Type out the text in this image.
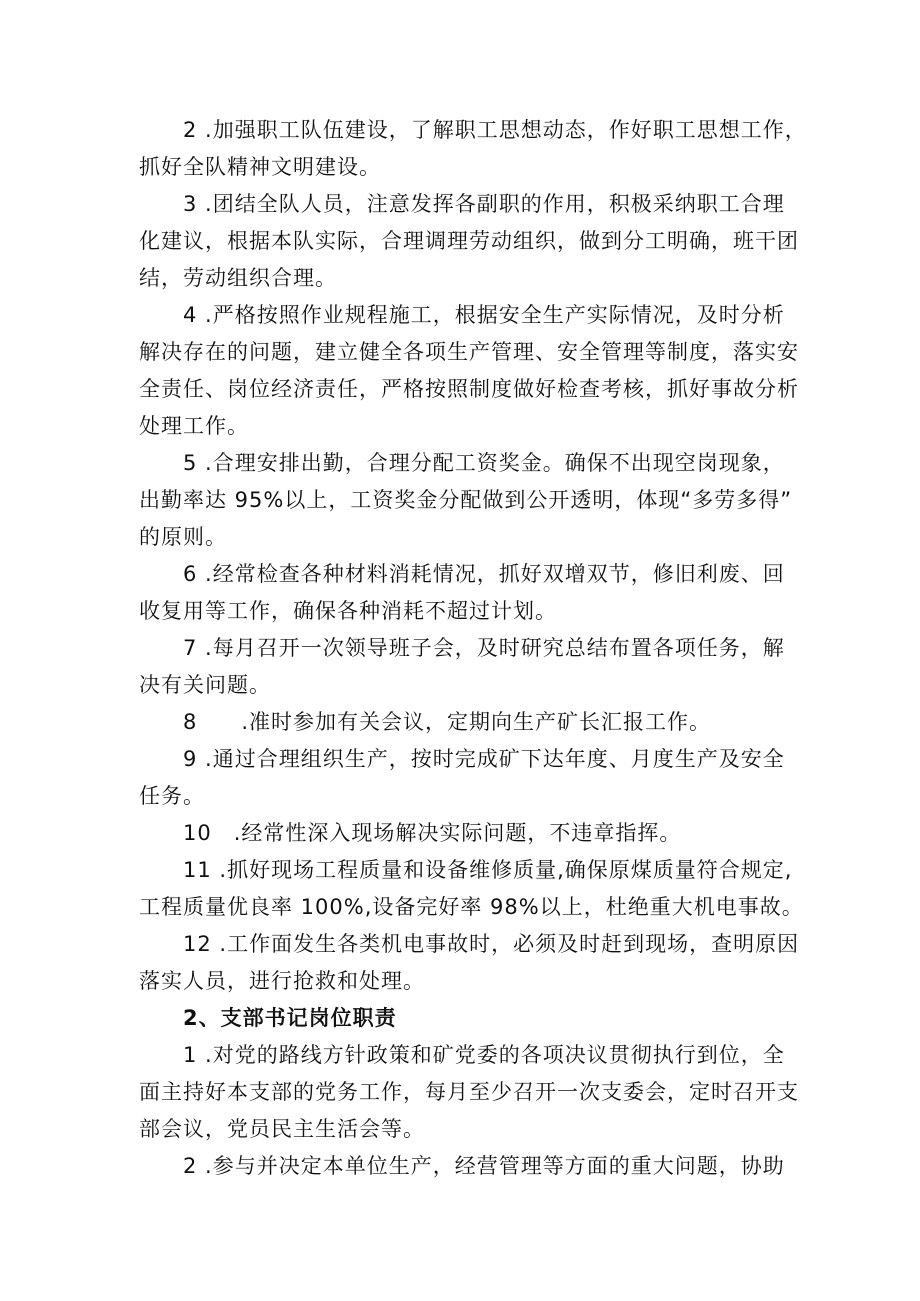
2 .加强职工队伍建设，了解职工思想动态，作好职工思想工作，
抓好全队精神文明建设。
3 .团结全队人员，注意发挥各副职的作用，积极采纳职工合理
化建议，根据本队实际，合理调理劳动组织，做到分工明确，班干团
结，劳动组织合理。
4 .严格按照作业规程施工，根据安全生产实际情况，及时分析
解决存在的问题，建立健全各项生产管理、安全管理等制度，落实安
全责任、岗位经济责任，严格按照制度做好检查考核，抓好事故分析
处理工作。
5 .合理安排出勤，合理分配工资奖金。确保不出现空岗现象，
出勤率达 95%以上，工资奖金分配做到公开透明，体现“多劳多得”
的原则。
6 .经常检查各种材料消耗情况，抓好双增双节，修旧利废、回
收复用等工作，确保各种消耗不超过计划。
7 .每月召开一次领导班子会，及时研究总结布置各项任务，解
决有关问题。
8　　.准时参加有关会议，定期向生产矿长汇报工作。
9 .通过合理组织生产，按时完成矿下达年度、月度生产及安全
任务。
10　.经常性深入现场解决实际问题，不违章指挥。
11 .抓好现场工程质量和设备维修质量,确保原煤质量符合规定,
工程质量优良率 100%,设备完好率 98%以上，杜绝重大机电事故。
12 .工作面发生各类机电事故时，必须及时赶到现场，查明原因
落实人员，进行抢救和处理。
2、支部书记岗位职责
1 .对党的路线方针政策和矿党委的各项决议贯彻执行到位，全
面主持好本支部的党务工作，每月至少召开一次支委会，定时召开支
部会议，党员民主生活会等。
2 .参与并决定本单位生产，经营管理等方面的重大问题，协助
